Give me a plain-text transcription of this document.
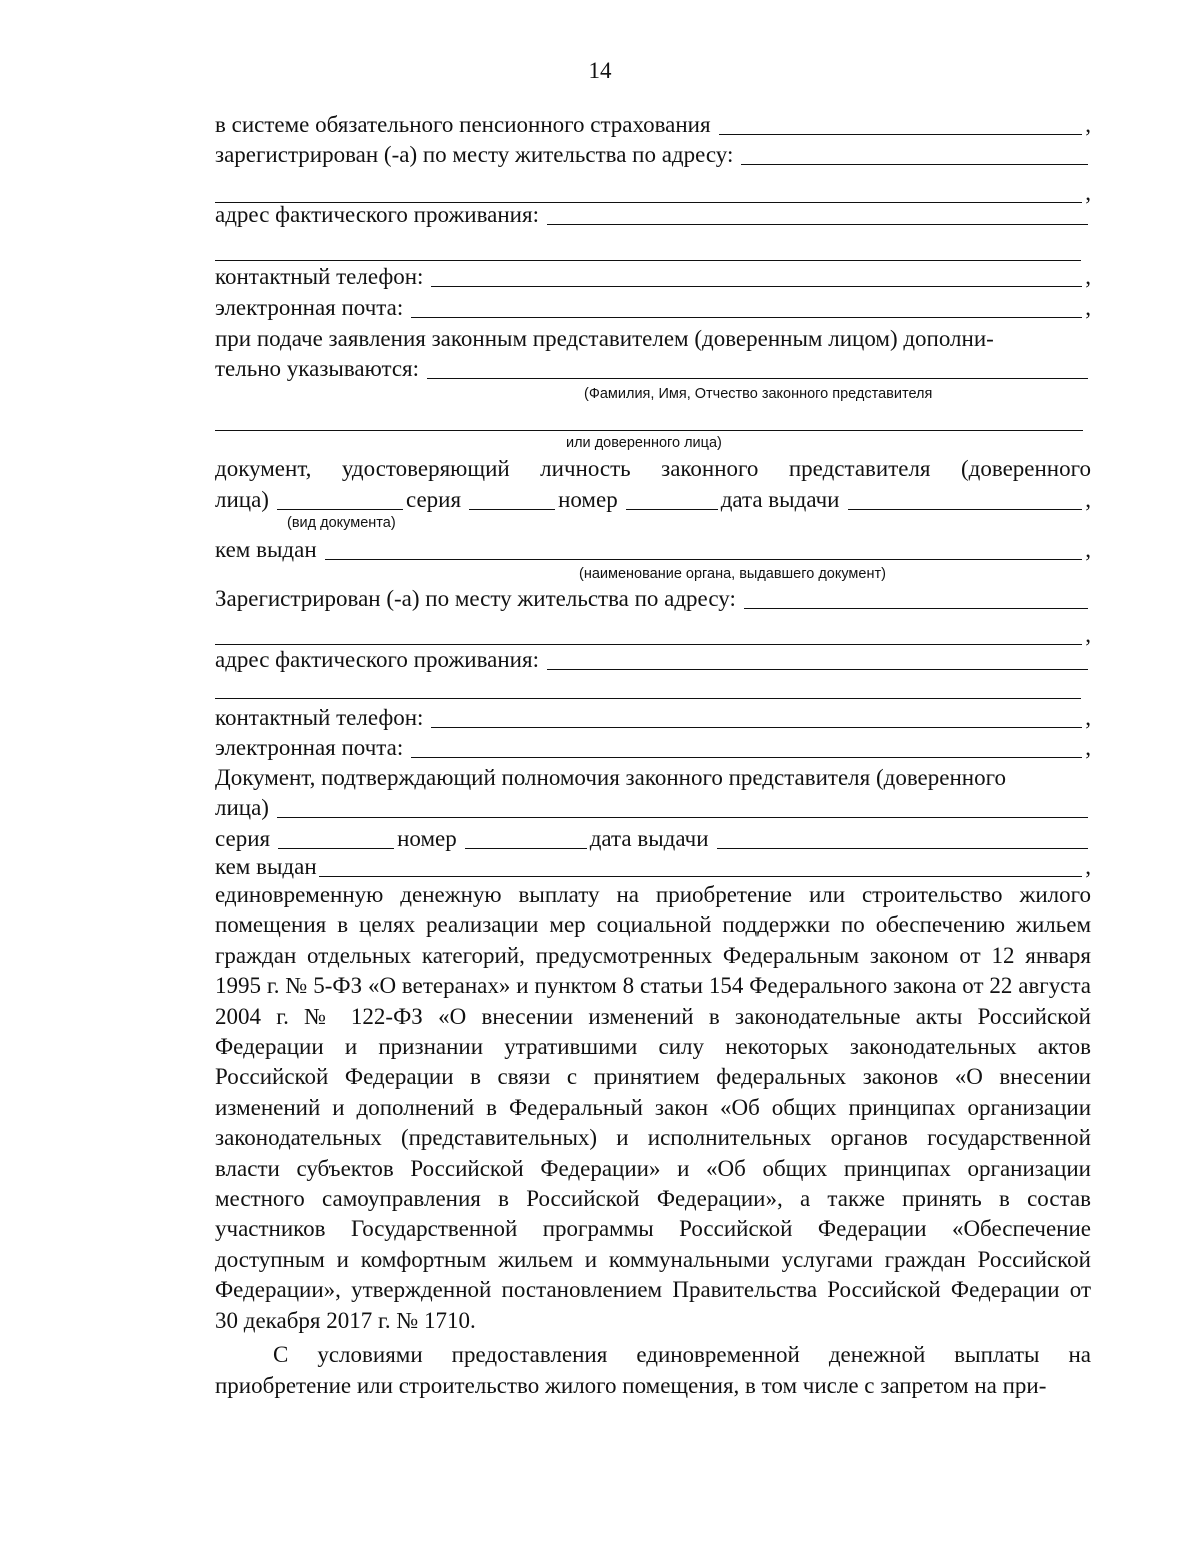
14
в системе обязательного пенсионного страхования	,
зарегистрирован (-а) по месту жительства по адресу:
,
адрес фактического проживания:
контактный телефон:	,
электронная почта:	,
при подаче заявления законным представителем (доверенным лицом) дополни-
тельно указываются:
(Фамилия, Имя, Отчество законного представителя
или доверенного лица)
документ, удостоверяющий личность законного представителя (доверенного
лица)	серия	номер	дата выдачи	,
(вид документа)
кем выдан	,
(наименование органа, выдавшего документ)
Зарегистрирован (-а) по месту жительства по адресу:
,
адрес фактического проживания:
контактный телефон:	,
электронная почта:	,
Документ, подтверждающий полномочия законного представителя (доверенного
лица)
серия	номер	дата выдачи
кем выдан	,

единовременную денежную выплату на приобретение или строительство жилого помещения в целях реализации мер социальной поддержки по обеспечению жильем граждан отдельных категорий, предусмотренных Федеральным законом от 12 января 1995 г. № 5-ФЗ «О ветеранах» и пунктом 8 статьи 154 Федерального закона от 22 августа 2004 г. № 122-ФЗ «О внесении изменений в законодательные акты Российской Федерации и признании утратившими силу некоторых законодательных актов Российской Федерации в связи с принятием федеральных законов «О внесении изменений и дополнений в Федеральный закон «Об общих принципах организации законодательных (представительных) и исполнительных органов государственной власти субъектов Российской Федерации» и «Об общих принципах организации местного самоуправления в Российской Федерации», а также принять в состав участников Государственной программы Российской Федерации «Обеспечение доступным и комфортным жильем и коммунальными услугами граждан Российской Федерации», утвержденной постановлением Правительства Российской Федерации от 30 декабря 2017 г. № 1710.

С условиями предоставления единовременной денежной выплаты на приобретение или строительство жилого помещения, в том числе с запретом на при-
